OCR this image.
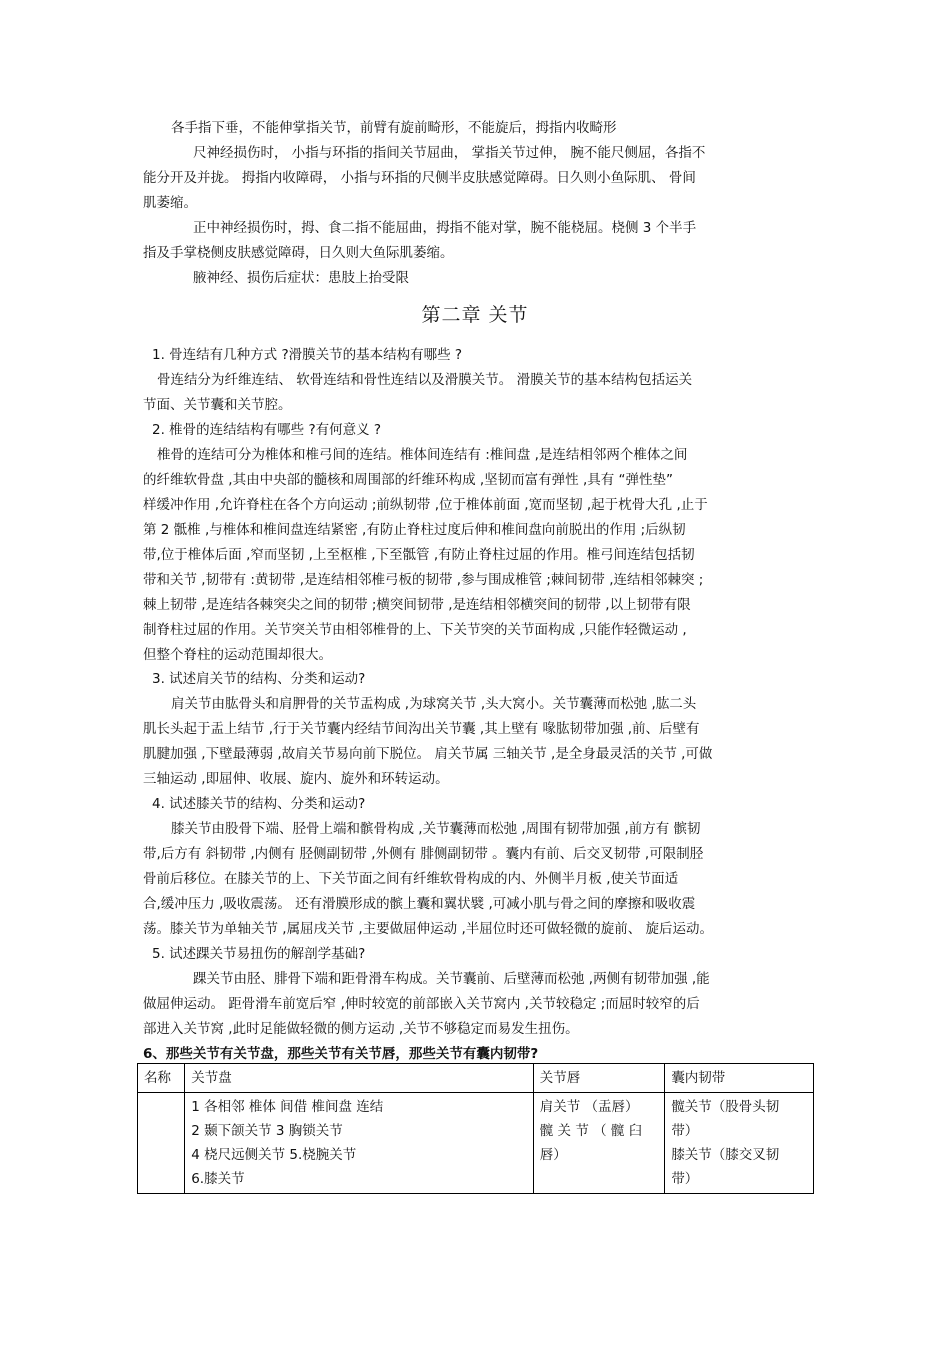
各手指下垂，不能伸掌指关节，前臂有旋前畸形，不能旋后，拇指内收畸形
尺神经损伤时， 小指与环指的指间关节屈曲， 掌指关节过伸， 腕不能尺侧屈，各指不
能分开及并拢。 拇指内收障碍， 小指与环指的尺侧半皮肤感觉障碍。日久则小鱼际肌、 骨间
肌萎缩。
正中神经损伤时，拇、食二指不能屈曲，拇指不能对掌，腕不能桡屈。桡侧 3 个半手
指及手掌桡侧皮肤感觉障碍，日久则大鱼际肌萎缩。
腋神经、损伤后症状：患肢上抬受限
第二章 关节
1. 骨连结有几种方式 ?滑膜关节的基本结构有哪些 ?
骨连结分为纤维连结、 软骨连结和骨性连结以及滑膜关节。 滑膜关节的基本结构包括运关
节面、关节囊和关节腔。
2. 椎骨的连结结构有哪些 ?有何意义 ?
椎骨的连结可分为椎体和椎弓间的连结。椎体间连结有 :椎间盘 ,是连结相邻两个椎体之间
的纤维软骨盘 ,其由中央部的髓核和周围部的纤维环构成 ,坚韧而富有弹性 ,具有 “弹性垫”
样缓冲作用 ,允许脊柱在各个方向运动 ;前纵韧带 ,位于椎体前面 ,宽而坚韧 ,起于枕骨大孔 ,止于
第 2 骶椎 ,与椎体和椎间盘连结紧密 ,有防止脊柱过度后伸和椎间盘向前脱出的作用 ;后纵韧
带,位于椎体后面 ,窄而坚韧 ,上至枢椎 ,下至骶管 ,有防止脊柱过屈的作用。椎弓间连结包括韧
带和关节 ,韧带有 :黄韧带 ,是连结相邻椎弓板的韧带 ,参与围成椎管 ;棘间韧带 ,连结相邻棘突 ;
棘上韧带 ,是连结各棘突尖之间的韧带 ;横突间韧带 ,是连结相邻横突间的韧带 ,以上韧带有限
制脊柱过屈的作用。关节突关节由相邻椎骨的上、下关节突的关节面构成 ,只能作轻微运动 ,
但整个脊柱的运动范围却很大。
3. 试述肩关节的结构、分类和运动?
肩关节由肱骨头和肩胛骨的关节盂构成 ,为球窝关节 ,头大窝小。关节囊薄而松弛 ,肱二头
肌长头起于盂上结节 ,行于关节囊内经结节间沟出关节囊 ,其上壁有 喙肱韧带加强 ,前、后壁有
肌腱加强 ,下壁最薄弱 ,故肩关节易向前下脱位。 肩关节属 三轴关节 ,是全身最灵活的关节 ,可做
三轴运动 ,即屈伸、收展、旋内、旋外和环转运动。
4. 试述膝关节的结构、分类和运动?
膝关节由股骨下端、胫骨上端和髌骨构成 ,关节囊薄而松弛 ,周围有韧带加强 ,前方有 髌韧
带,后方有 斜韧带 ,内侧有 胫侧副韧带 ,外侧有 腓侧副韧带 。囊内有前、后交叉韧带 ,可限制胫
骨前后移位。在膝关节的上、下关节面之间有纤维软骨构成的内、外侧半月板 ,使关节面适
合,缓冲压力 ,吸收震荡。 还有滑膜形成的髌上囊和翼状襞 ,可减小肌与骨之间的摩擦和吸收震
荡。膝关节为单轴关节 ,属屈戌关节 ,主要做屈伸运动 ,半屈位时还可做轻微的旋前、 旋后运动。
5. 试述踝关节易扭伤的解剖学基础?
踝关节由胫、腓骨下端和距骨滑车构成。关节囊前、后壁薄而松弛 ,两侧有韧带加强 ,能
做屈伸运动。 距骨滑车前宽后窄 ,伸时较宽的前部嵌入关节窝内 ,关节较稳定 ;而屈时较窄的后
部进入关节窝 ,此时足能做轻微的侧方运动 ,关节不够稳定而易发生扭伤。
6、那些关节有关节盘，那些关节有关节唇，那些关节有囊内韧带?
名称	关节盘	关节唇	囊内韧带

	1 各相邻 椎体 间借 椎间盘 连结
2 颞下颌关节 3 胸锁关节
4 桡尺远侧关节 5.桡腕关节
6.膝关节	肩关节 （盂唇）
髋 关 节 （ 髋 臼
唇）	髋关节（股骨头韧
带）
膝关节（膝交叉韧
带）
